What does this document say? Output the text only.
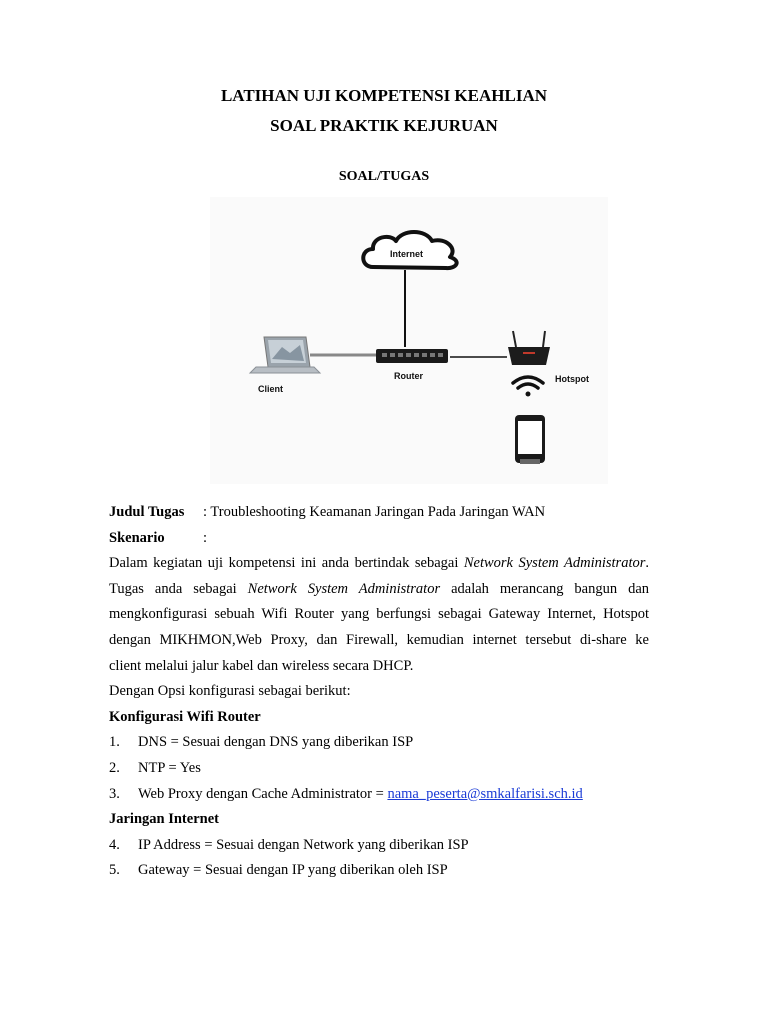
LATIHAN UJI KOMPETENSI KEAHLIAN
SOAL PRAKTIK KEJURUAN
SOAL/TUGAS
Internet
Router
Client
Hotspot
Judul Tugas : Troubleshooting Keamanan Jaringan Pada Jaringan WAN
Skenario	:
Dalam kegiatan uji kompetensi ini anda bertindak sebagai Network System Administrator.
Tugas anda sebagai Network System Administrator adalah merancang bangun dan
mengkonfigurasi sebuah Wifi Router yang berfungsi sebagai Gateway Internet, Hotspot
dengan MIKHMON,Web Proxy, dan Firewall, kemudian internet tersebut di-share ke
client melalui jalur kabel dan wireless secara DHCP.
Dengan Opsi konfigurasi sebagai berikut:
Konfigurasi Wifi Router
1. DNS = Sesuai dengan DNS yang diberikan ISP
2. NTP = Yes
3. Web Proxy dengan Cache Administrator = nama_peserta@smkalfarisi.sch.id
Jaringan Internet
4. IP Address = Sesuai dengan Network yang diberikan ISP
5. Gateway = Sesuai dengan IP yang diberikan oleh ISP
